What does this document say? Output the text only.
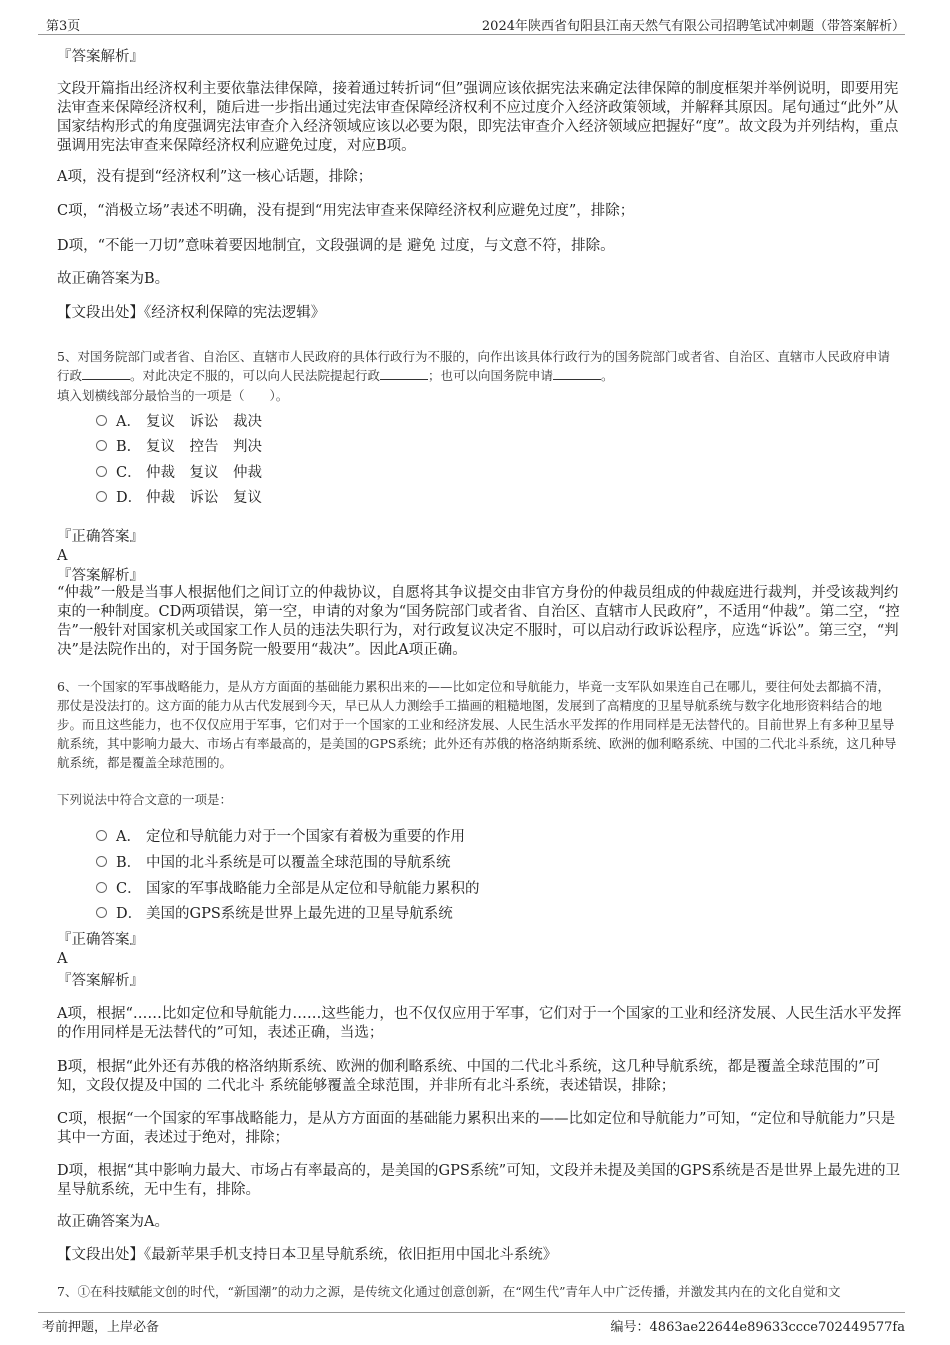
第3页	2024年陕西省旬阳县江南天然气有限公司招聘笔试冲刺题（带答案解析）
『答案解析』
文段开篇指出经济权利主要依靠法律保障，接着通过转折词“但”强调应该依据宪法来确定法律保障的制度框架并举例说明，即要用宪法审查来保障经济权利，随后进一步指出通过宪法审查保障经济权利不应过度介入经济政策领域，并解释其原因。尾句通过“此外”从国家结构形式的角度强调宪法审查介入经济领域应该以必要为限，即宪法审查介入经济领域应把握好“度”。故文段为并列结构，重点强调用宪法审查来保障经济权利应避免过度，对应B项。
A项，没有提到“经济权利”这一核心话题，排除；
C项，“消极立场”表述不明确，没有提到“用宪法审查来保障经济权利应避免过度”，排除；
D项，“不能一刀切”意味着要因地制宜，文段强调的是 避免 过度，与文意不符，排除。
故正确答案为B。
【文段出处】《经济权利保障的宪法逻辑》
5、对国务院部门或者省、自治区、直辖市人民政府的具体行政行为不服的，向作出该具体行政行为的国务院部门或者省、自治区、直辖市人民政府申请行政	。对此决定不服的，可以向人民法院提起行政	；也可以向国务院申请	。
填入划横线部分最恰当的一项是（　　）。
A． 复议　诉讼　裁决
B． 复议　控告　判决
C． 仲裁　复议　仲裁
D． 仲裁　诉讼　复议
『正确答案』
A
『答案解析』
“仲裁”一般是当事人根据他们之间订立的仲裁协议，自愿将其争议提交由非官方身份的仲裁员组成的仲裁庭进行裁判，并受该裁判约束的一种制度。CD两项错误，第一空，申请的对象为“国务院部门或者省、自治区、直辖市人民政府”，不适用“仲裁”。第二空，“控告”一般针对国家机关或国家工作人员的违法失职行为，对行政复议决定不服时，可以启动行政诉讼程序，应选“诉讼”。第三空，“判决”是法院作出的，对于国务院一般要用“裁决”。因此A项正确。
6、一个国家的军事战略能力，是从方方面面的基础能力累积出来的——比如定位和导航能力，毕竟一支军队如果连自己在哪儿，要往何处去都搞不清，那仗是没法打的。这方面的能力从古代发展到今天，早已从人力测绘手工描画的粗糙地图，发展到了高精度的卫星导航系统与数字化地形资料结合的地步。而且这些能力，也不仅仅应用于军事，它们对于一个国家的工业和经济发展、人民生活水平发挥的作用同样是无法替代的。目前世界上有多种卫星导航系统，其中影响力最大、市场占有率最高的，是美国的GPS系统；此外还有苏俄的格洛纳斯系统、欧洲的伽利略系统、中国的二代北斗系统，这几种导航系统，都是覆盖全球范围的。
下列说法中符合文意的一项是：
A． 定位和导航能力对于一个国家有着极为重要的作用
B． 中国的北斗系统是可以覆盖全球范围的导航系统
C． 国家的军事战略能力全部是从定位和导航能力累积的
D． 美国的GPS系统是世界上最先进的卫星导航系统
『正确答案』
A
『答案解析』
A项，根据“……比如定位和导航能力……这些能力，也不仅仅应用于军事，它们对于一个国家的工业和经济发展、人民生活水平发挥的作用同样是无法替代的”可知，表述正确，当选；
B项，根据“此外还有苏俄的格洛纳斯系统、欧洲的伽利略系统、中国的二代北斗系统，这几种导航系统，都是覆盖全球范围的”可知，文段仅提及中国的 二代北斗 系统能够覆盖全球范围，并非所有北斗系统，表述错误，排除；
C项，根据“一个国家的军事战略能力，是从方方面面的基础能力累积出来的——比如定位和导航能力”可知，“定位和导航能力”只是其中一方面，表述过于绝对，排除；
D项，根据“其中影响力最大、市场占有率最高的，是美国的GPS系统”可知，文段并未提及美国的GPS系统是否是世界上最先进的卫星导航系统，无中生有，排除。
故正确答案为A。
【文段出处】《最新苹果手机支持日本卫星导航系统，依旧拒用中国北斗系统》
7、①在科技赋能文创的时代，“新国潮”的动力之源，是传统文化通过创意创新，在“网生代”青年人中广泛传播，并激发其内在的文化自觉和文
考前押题，上岸必备	编号：4863ae22644e89633ccce702449577fa
